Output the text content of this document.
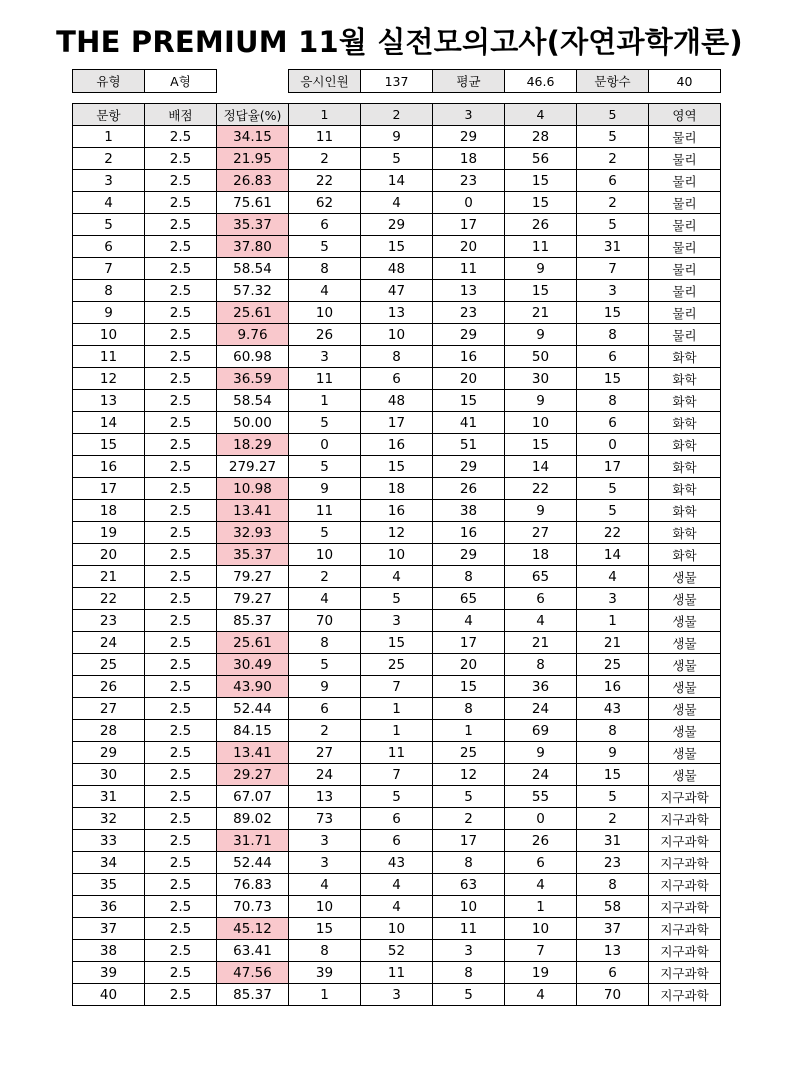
THE PREMIUM 11월 실전모의고사(자연과학개론)
유형	A형		응시인원	137	평균	46.6	문항수	40
문항	배점	정답율(%)	1	2	3	4	5	영역
1	2.5	34.15	11	9	29	28	5	물리
2	2.5	21.95	2	5	18	56	2	물리
3	2.5	26.83	22	14	23	15	6	물리
4	2.5	75.61	62	4	0	15	2	물리
5	2.5	35.37	6	29	17	26	5	물리
6	2.5	37.80	5	15	20	11	31	물리
7	2.5	58.54	8	48	11	9	7	물리
8	2.5	57.32	4	47	13	15	3	물리
9	2.5	25.61	10	13	23	21	15	물리
10	2.5	9.76	26	10	29	9	8	물리
11	2.5	60.98	3	8	16	50	6	화학
12	2.5	36.59	11	6	20	30	15	화학
13	2.5	58.54	1	48	15	9	8	화학
14	2.5	50.00	5	17	41	10	6	화학
15	2.5	18.29	0	16	51	15	0	화학
16	2.5	279.27	5	15	29	14	17	화학
17	2.5	10.98	9	18	26	22	5	화학
18	2.5	13.41	11	16	38	9	5	화학
19	2.5	32.93	5	12	16	27	22	화학
20	2.5	35.37	10	10	29	18	14	화학
21	2.5	79.27	2	4	8	65	4	생물
22	2.5	79.27	4	5	65	6	3	생물
23	2.5	85.37	70	3	4	4	1	생물
24	2.5	25.61	8	15	17	21	21	생물
25	2.5	30.49	5	25	20	8	25	생물
26	2.5	43.90	9	7	15	36	16	생물
27	2.5	52.44	6	1	8	24	43	생물
28	2.5	84.15	2	1	1	69	8	생물
29	2.5	13.41	27	11	25	9	9	생물
30	2.5	29.27	24	7	12	24	15	생물
31	2.5	67.07	13	5	5	55	5	지구과학
32	2.5	89.02	73	6	2	0	2	지구과학
33	2.5	31.71	3	6	17	26	31	지구과학
34	2.5	52.44	3	43	8	6	23	지구과학
35	2.5	76.83	4	4	63	4	8	지구과학
36	2.5	70.73	10	4	10	1	58	지구과학
37	2.5	45.12	15	10	11	10	37	지구과학
38	2.5	63.41	8	52	3	7	13	지구과학
39	2.5	47.56	39	11	8	19	6	지구과학
40	2.5	85.37	1	3	5	4	70	지구과학
